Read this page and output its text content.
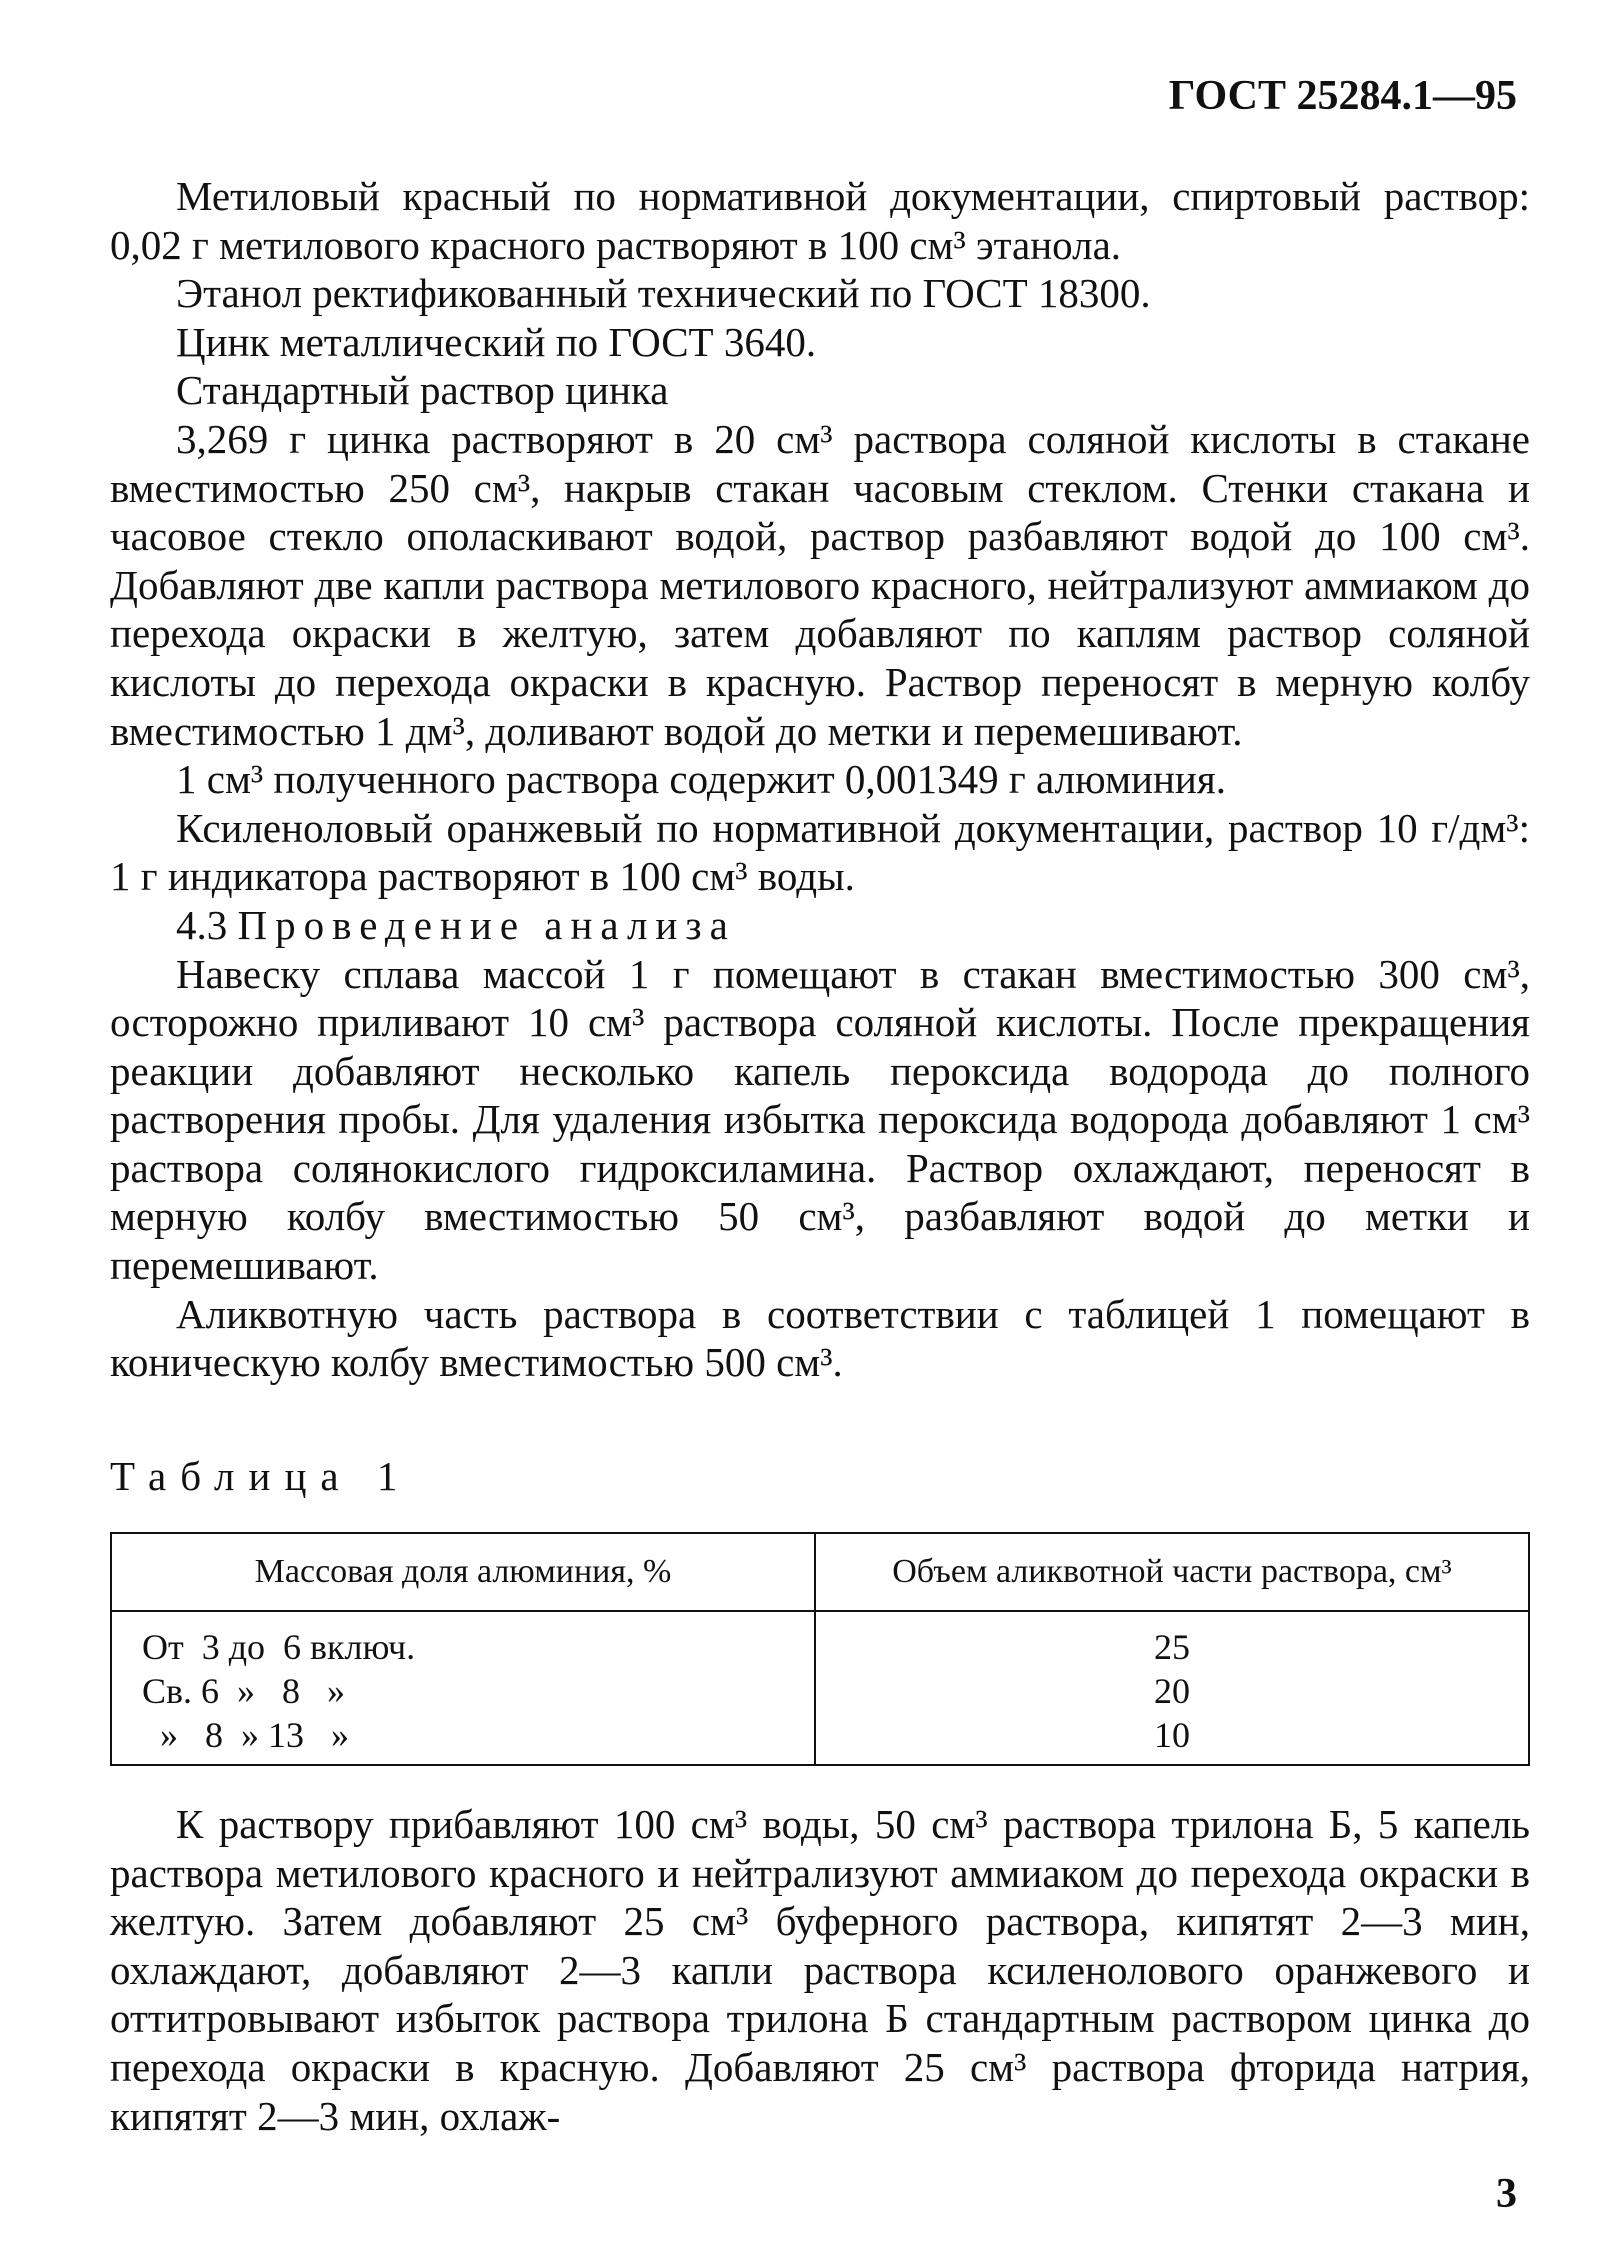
ГОСТ 25284.1—95

Метиловый красный по нормативной документации, спиртовый раствор: 0,02 г метилового красного растворяют в 100 см³ этанола.

Этанол ректификованный технический по ГОСТ 18300.

Цинк металлический по ГОСТ 3640.

Стандартный раствор цинка

3,269 г цинка растворяют в 20 см³ раствора соляной кислоты в стакане вместимостью 250 см³, накрыв стакан часовым стеклом. Стенки стакана и часовое стекло ополаскивают водой, раствор разбавляют водой до 100 см³. Добавляют две капли раствора метилового красного, нейтрализуют аммиаком до перехода окраски в желтую, затем добавляют по каплям раствор соляной кислоты до перехода окраски в красную. Раствор переносят в мерную колбу вместимостью 1 дм³, доливают водой до метки и перемешивают.

1 см³ полученного раствора содержит 0,001349 г алюминия.

Ксиленоловый оранжевый по нормативной документации, раствор 10 г/дм³: 1 г индикатора растворяют в 100 см³ воды.

4.3 Проведение анализа

Навеску сплава массой 1 г помещают в стакан вместимостью 300 см³, осторожно приливают 10 см³ раствора соляной кислоты. После прекращения реакции добавляют несколько капель пероксида водорода до полного растворения пробы. Для удаления избытка пероксида водорода добавляют 1 см³ раствора солянокислого гидроксиламина. Раствор охлаждают, переносят в мерную колбу вместимостью 50 см³, разбавляют водой до метки и перемешивают.

Аликвотную часть раствора в соответствии с таблицей 1 помещают в коническую колбу вместимостью 500 см³.

Таблица 1
Массовая доля алюминия, %	Объем аликвотной части раствора, см³
От  3 до  6 включ.	25
Св. 6  »   8   »	20
»   8  » 13   »	10

К раствору прибавляют 100 см³ воды, 50 см³ раствора трилона Б, 5 капель раствора метилового красного и нейтрализуют аммиаком до перехода окраски в желтую. Затем добавляют 25 см³ буферного раствора, кипятят 2—3 мин, охлаждают, добавляют 2—3 капли раствора ксиленолового оранжевого и оттитровывают избыток раствора трилона Б стандартным раствором цинка до перехода окраски в красную. Добавляют 25 см³ раствора фторида натрия, кипятят 2—3 мин, охлаж-

3
